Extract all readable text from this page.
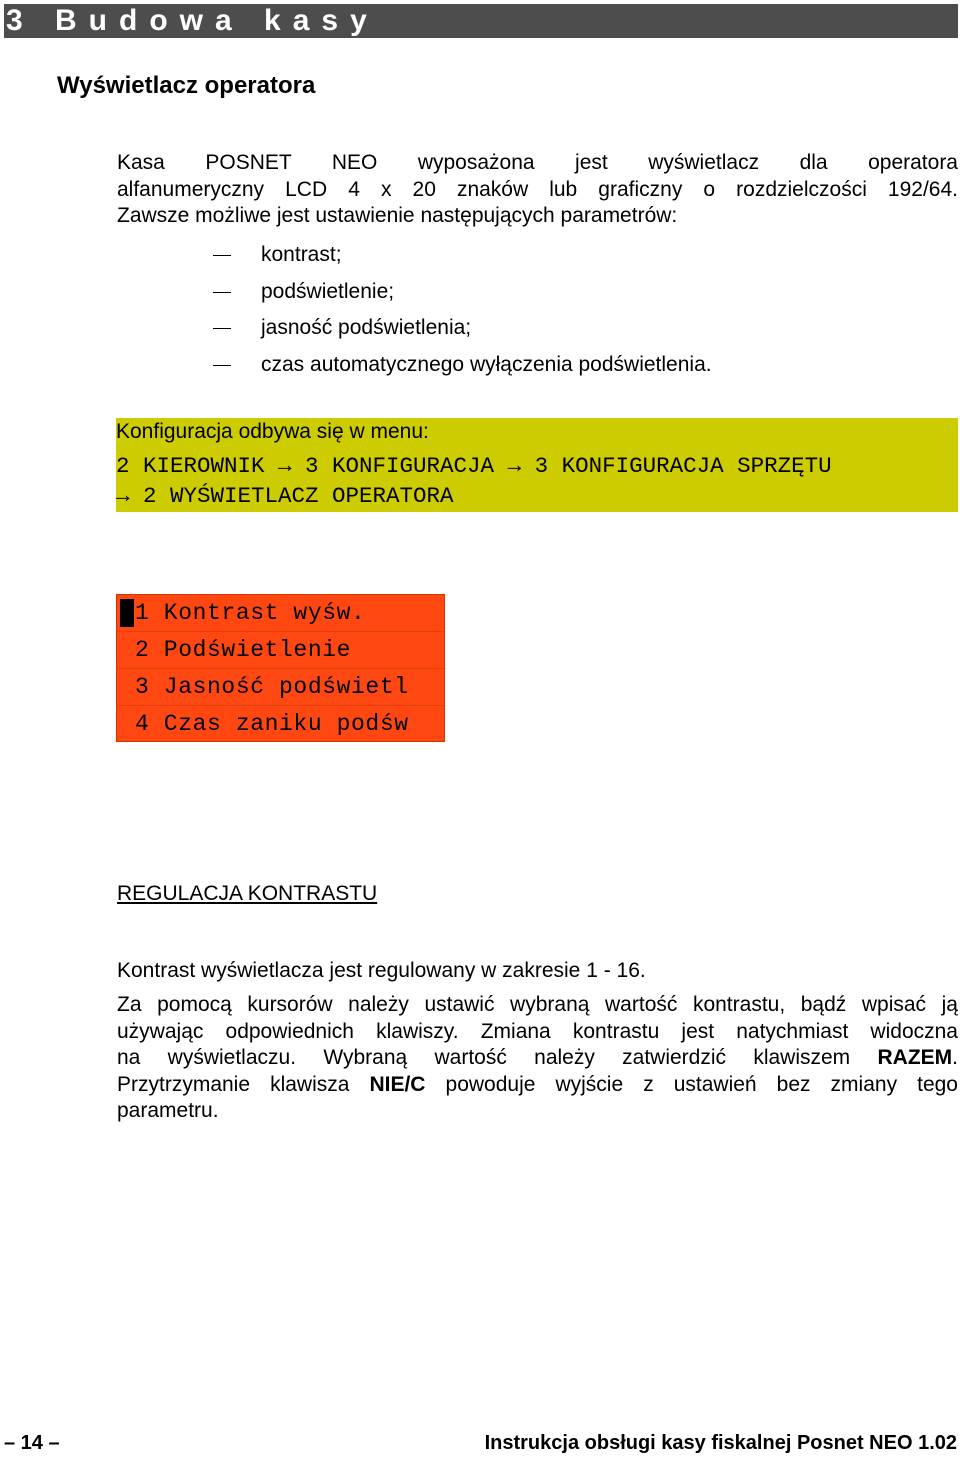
3 Budowa kasy
Wyświetlacz operatora
Kasa POSNET NEO wyposażona jest wyświetlacz dla operatora
alfanumeryczny LCD 4 x 20 znaków lub graficzny o rozdzielczości 192/64.
Zawsze możliwe jest ustawienie następujących parametrów:
kontrast;
podświetlenie;
jasność podświetlenia;
czas automatycznego wyłączenia podświetlenia.
Konfiguracja odbywa się w menu:
2 KIEROWNIK → 3 KONFIGURACJA → 3 KONFIGURACJA SPRZĘTU
→ 2 WYŚWIETLACZ OPERATORA
1 Kontrast wyśw.
2 Podświetlenie
3 Jasność podświetl
4 Czas zaniku podśw
REGULACJA KONTRASTU
Kontrast wyświetlacza jest regulowany w zakresie 1 - 16.
Za pomocą kursorów należy ustawić wybraną wartość kontrastu, bądź wpisać ją
używając odpowiednich klawiszy. Zmiana kontrastu jest natychmiast widoczna
na wyświetlaczu. Wybraną wartość należy zatwierdzić klawiszem RAZEM.
Przytrzymanie klawisza NIE/C powoduje wyjście z ustawień bez zmiany tego
parametru.
– 14 –	Instrukcja obsługi kasy fiskalnej Posnet NEO 1.02
